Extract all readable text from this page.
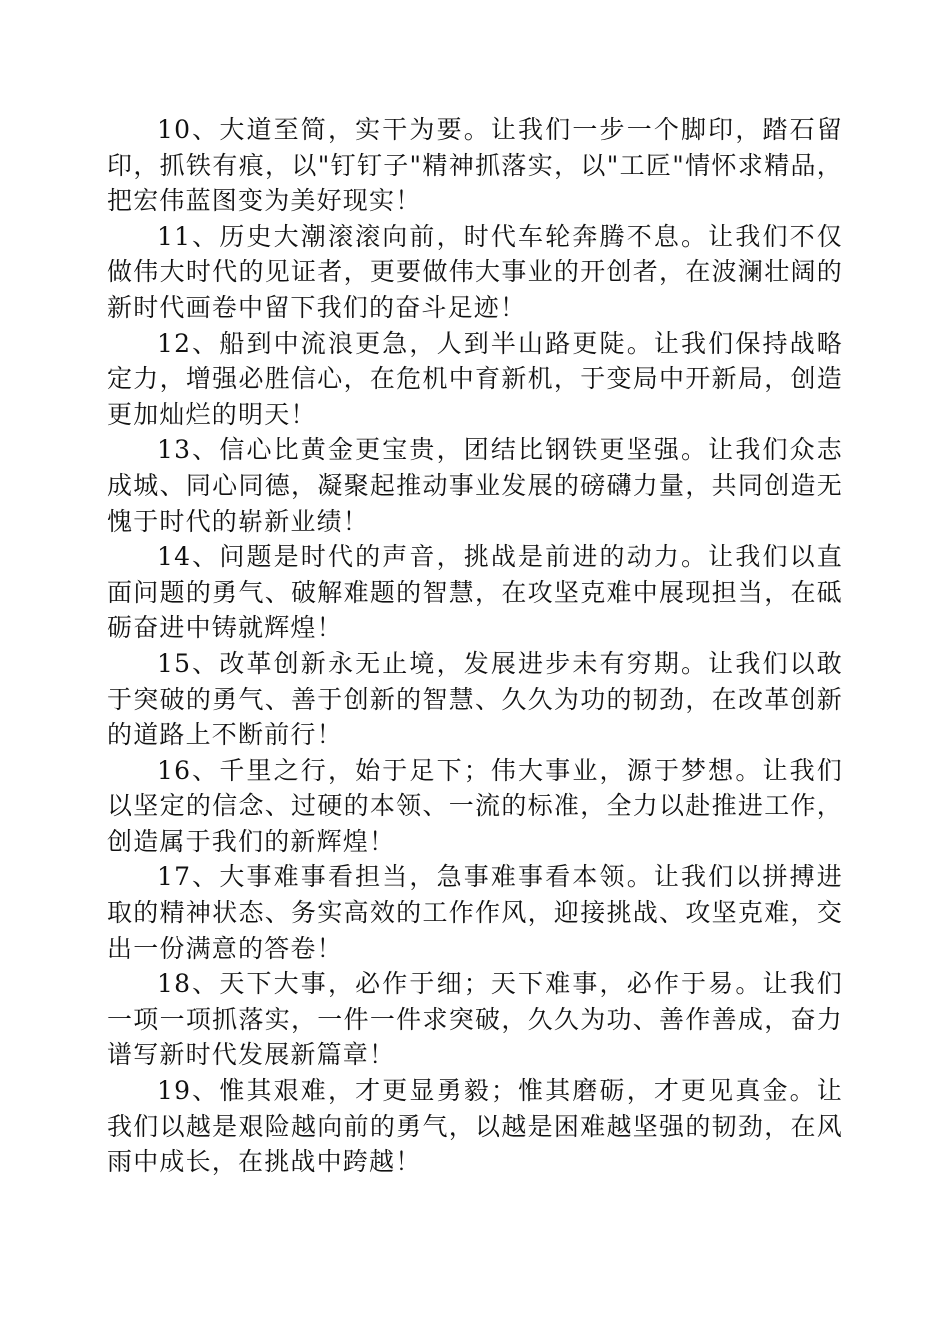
10、大道至简，实干为要。让我们一步一个脚印，踏石留印，抓铁有痕，以"钉钉子"精神抓落实，以"工匠"情怀求精品，把宏伟蓝图变为美好现实！

11、历史大潮滚滚向前，时代车轮奔腾不息。让我们不仅做伟大时代的见证者，更要做伟大事业的开创者，在波澜壮阔的新时代画卷中留下我们的奋斗足迹！

12、船到中流浪更急，人到半山路更陡。让我们保持战略定力，增强必胜信心，在危机中育新机，于变局中开新局，创造更加灿烂的明天！

13、信心比黄金更宝贵，团结比钢铁更坚强。让我们众志成城、同心同德，凝聚起推动事业发展的磅礴力量，共同创造无愧于时代的崭新业绩！

14、问题是时代的声音，挑战是前进的动力。让我们以直面问题的勇气、破解难题的智慧，在攻坚克难中展现担当，在砥砺奋进中铸就辉煌！

15、改革创新永无止境，发展进步未有穷期。让我们以敢于突破的勇气、善于创新的智慧、久久为功的韧劲，在改革创新的道路上不断前行！

16、千里之行，始于足下；伟大事业，源于梦想。让我们以坚定的信念、过硬的本领、一流的标准，全力以赴推进工作，创造属于我们的新辉煌！

17、大事难事看担当，急事难事看本领。让我们以拼搏进取的精神状态、务实高效的工作作风，迎接挑战、攻坚克难，交出一份满意的答卷！

18、天下大事，必作于细；天下难事，必作于易。让我们一项一项抓落实，一件一件求突破，久久为功、善作善成，奋力谱写新时代发展新篇章！

19、惟其艰难，才更显勇毅；惟其磨砺，才更见真金。让我们以越是艰险越向前的勇气，以越是困难越坚强的韧劲，在风雨中成长，在挑战中跨越！
